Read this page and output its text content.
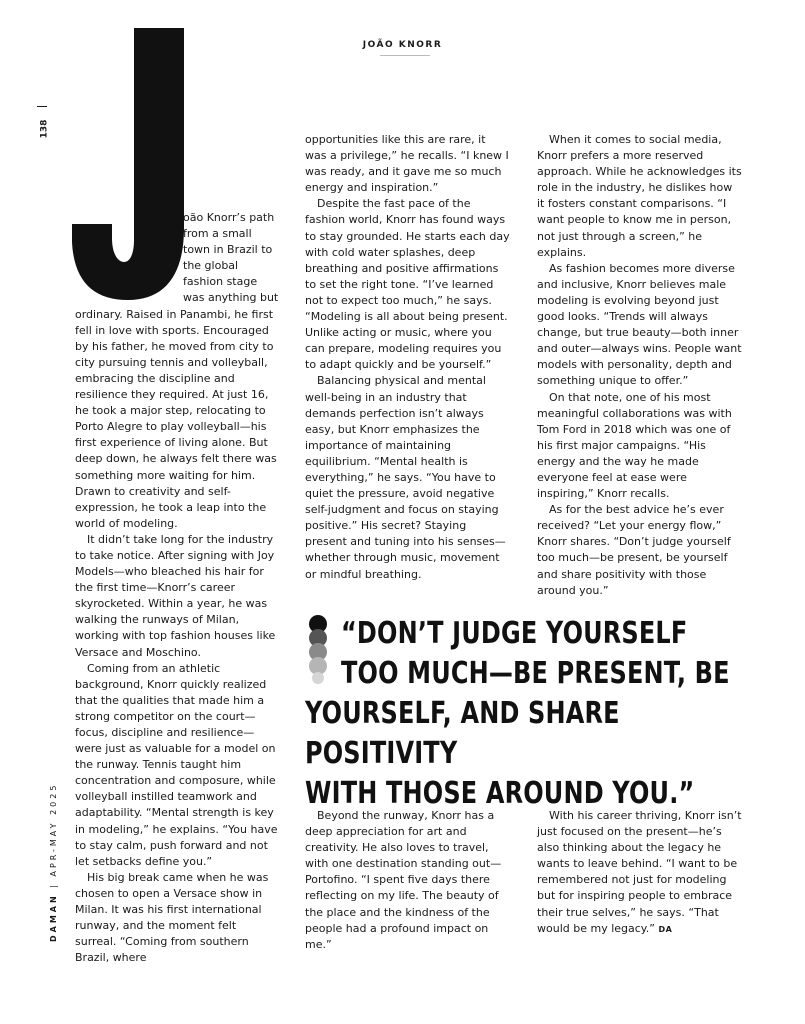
JOÃO KNORR
138
DAMAN | APR-MAY 2025

oão Knorr’s path from a small town in Brazil to the global fashion stage was anything but ordinary. Raised in Panambi, he first fell in love with sports. Encouraged by his father, he moved from city to city pursuing tennis and volleyball, embracing the discipline and resilience they required. At just 16, he took a major step, relocating to Porto Alegre to play volleyball—his first experience of living alone. But deep down, he always felt there was something more waiting for him. Drawn to creativity and self-expression, he took a leap into the world of modeling.

It didn’t take long for the industry to take notice. After signing with Joy Models—who bleached his hair for the first time—Knorr’s career skyrocketed. Within a year, he was walking the runways of Milan, working with top fashion houses like Versace and Moschino.

Coming from an athletic background, Knorr quickly realized that the qualities that made him a strong competitor on the court—focus, discipline and resilience—were just as valuable for a model on the runway. Tennis taught him concentration and composure, while volleyball instilled teamwork and adaptability. “Mental strength is key in modeling,” he explains. “You have to stay calm, push forward and not let setbacks define you.”

His big break came when he was chosen to open a Versace show in Milan. It was his first international runway, and the moment felt surreal. “Coming from southern Brazil, where

opportunities like this are rare, it was a privilege,” he recalls. “I knew I was ready, and it gave me so much energy and inspiration.”

Despite the fast pace of the fashion world, Knorr has found ways to stay grounded. He starts each day with cold water splashes, deep breathing and positive affirmations to set the right tone. “I’ve learned not to expect too much,” he says. “Modeling is all about being present. Unlike acting or music, where you can prepare, modeling requires you to adapt quickly and be yourself.”

Balancing physical and mental well-being in an industry that demands perfection isn’t always easy, but Knorr emphasizes the importance of maintaining equilibrium. “Mental health is everything,” he says. “You have to quiet the pressure, avoid negative self-judgment and focus on staying positive.” His secret? Staying present and tuning into his senses—whether through music, movement or mindful breathing.

When it comes to social media, Knorr prefers a more reserved approach. While he acknowledges its role in the industry, he dislikes how it fosters constant comparisons. “I want people to know me in person, not just through a screen,” he explains.

As fashion becomes more diverse and inclusive, Knorr believes male modeling is evolving beyond just good looks. “Trends will always change, but true beauty—both inner and outer—always wins. People want models with personality, depth and something unique to offer.”

On that note, one of his most meaningful collaborations was with Tom Ford in 2018 which was one of his first major campaigns. “His energy and the way he made everyone feel at ease were inspiring,” Knorr recalls.

As for the best advice he’s ever received? “Let your energy flow,” Knorr shares. “Don’t judge yourself too much—be present, be yourself and share positivity with those around you.”

“DON’T JUDGE YOURSELF
TOO MUCH—BE PRESENT, BE
YOURSELF, AND SHARE POSITIVITY
WITH THOSE AROUND YOU.”

Beyond the runway, Knorr has a deep appreciation for art and creativity. He also loves to travel, with one destination standing out—Portofino. “I spent five days there reflecting on my life. The beauty of the place and the kindness of the people had a profound impact on me.”

With his career thriving, Knorr isn’t just focused on the present—he’s also thinking about the legacy he wants to leave behind. “I want to be remembered not just for modeling but for inspiring people to embrace their true selves,” he says. “That would be my legacy.” DA
